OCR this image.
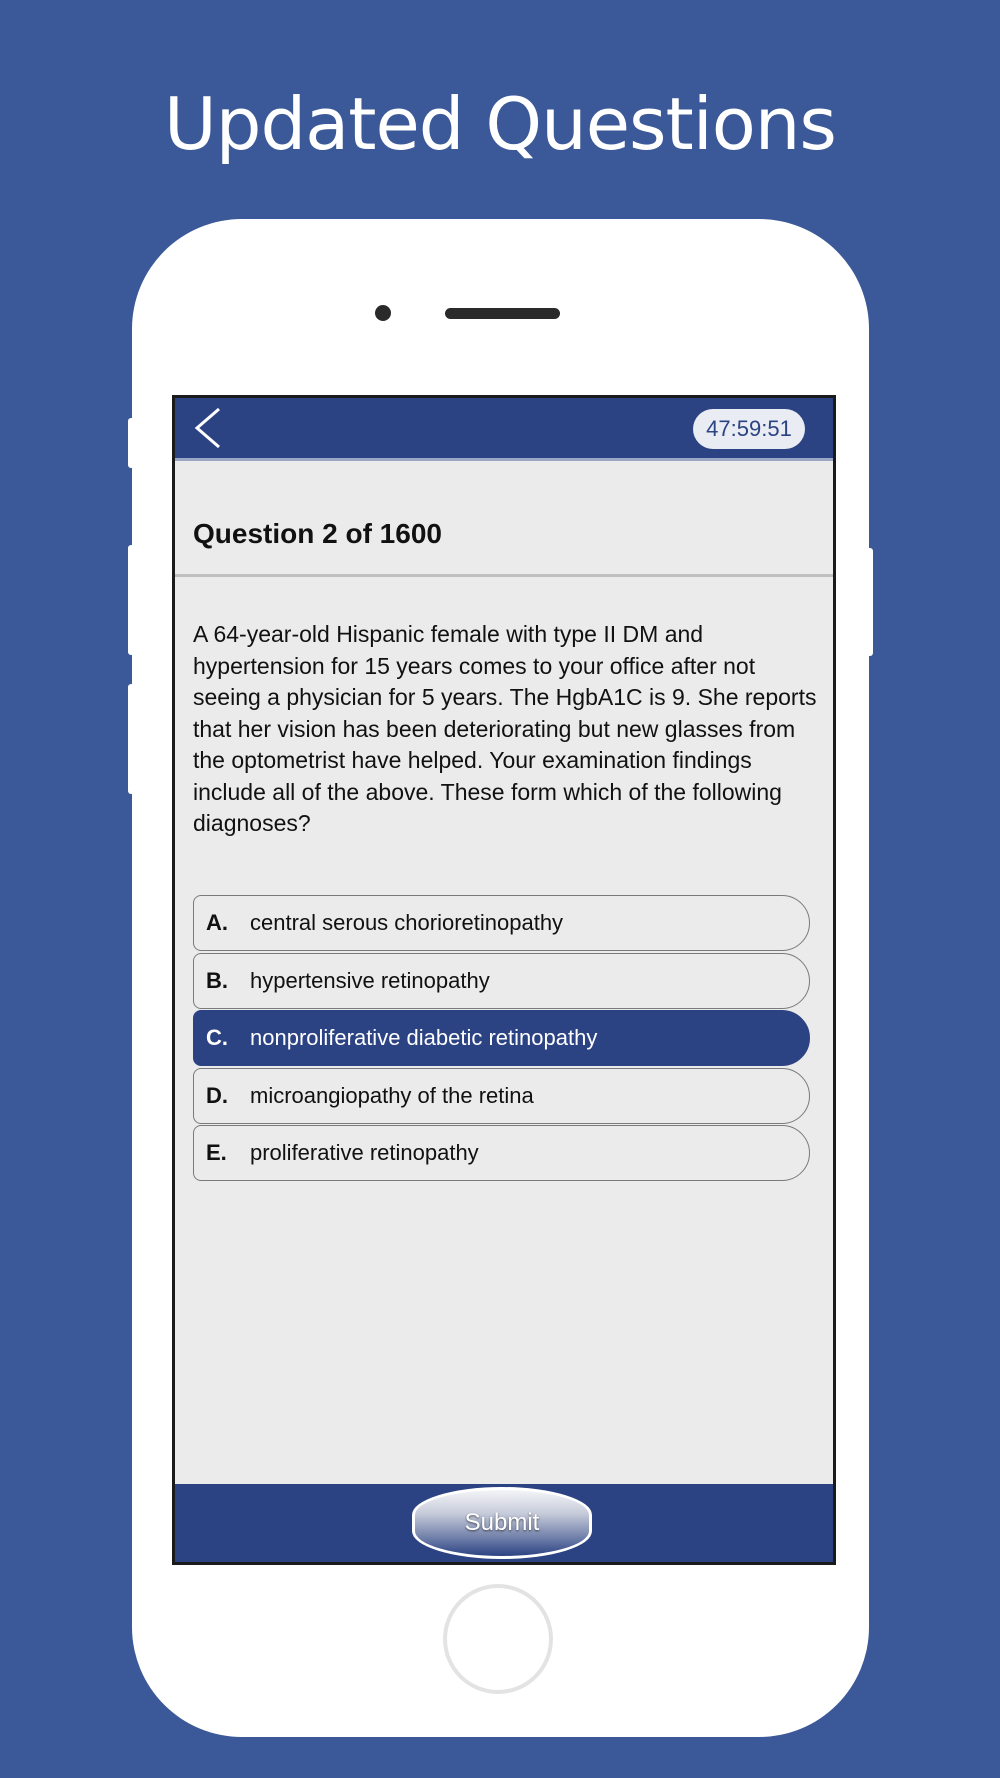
Updated Questions
47:59:51
Question 2 of 1600
A 64-year-old Hispanic female with type II DM and hypertension for 15 years comes to your office after not seeing a physician for 5 years. The HgbA1C is 9. She reports that her vision has been deteriorating but new glasses from the optometrist have helped. Your examination findings include all of the above. These form which of the following diagnoses?
A.	central serous chorioretinopathy
B.	hypertensive retinopathy
C.	nonproliferative diabetic retinopathy
D.	microangiopathy of the retina
E.	proliferative retinopathy
Submit
